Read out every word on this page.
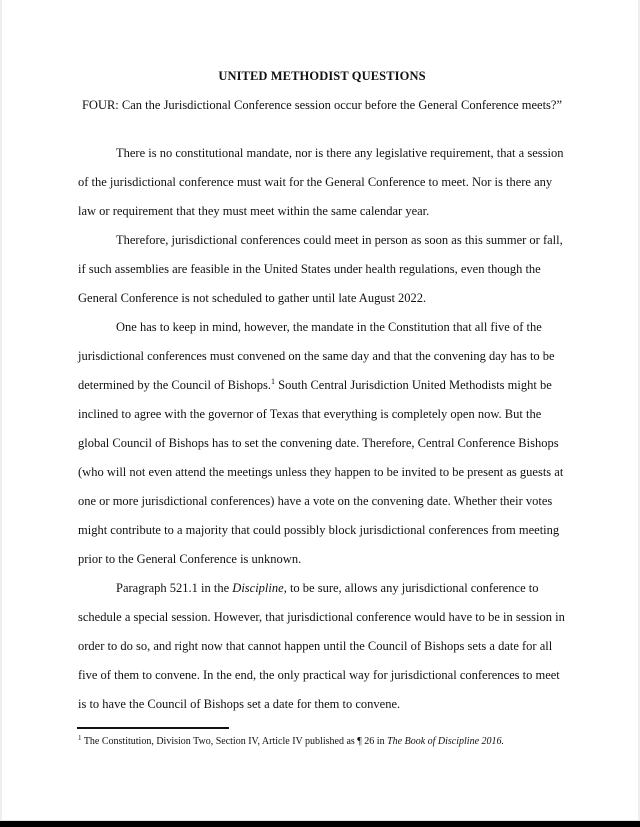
UNITED METHODIST QUESTIONS
FOUR: Can the Jurisdictional Conference session occur before the General Conference meets?”

There is no constitutional mandate, nor is there any legislative requirement, that a session of the jurisdictional conference must wait for the General Conference to meet. Nor is there any law or requirement that they must meet within the same calendar year.

Therefore, jurisdictional conferences could meet in person as soon as this summer or fall, if such assemblies are feasible in the United States under health regulations, even though the General Conference is not scheduled to gather until late August 2022.

One has to keep in mind, however, the mandate in the Constitution that all five of the jurisdictional conferences must convened on the same day and that the convening day has to be determined by the Council of Bishops.$^1$ South Central Jurisdiction United Methodists might be inclined to agree with the governor of Texas that everything is completely open now. But the global Council of Bishops has to set the convening date. Therefore, Central Conference Bishops (who will not even attend the meetings unless they happen to be invited to be present as guests at one or more jurisdictional conferences) have a vote on the convening date. Whether their votes might contribute to a majority that could possibly block jurisdictional conferences from meeting prior to the General Conference is unknown.

Paragraph 521.1 in the Discipline, to be sure, allows any jurisdictional conference to schedule a special session. However, that jurisdictional conference would have to be in session in order to do so, and right now that cannot happen until the Council of Bishops sets a date for all five of them to convene. In the end, the only practical way for jurisdictional conferences to meet is to have the Council of Bishops set a date for them to convene.

$^1$ The Constitution, Division Two, Section IV, Article IV published as ¶ 26 in The Book of Discipline 2016.
